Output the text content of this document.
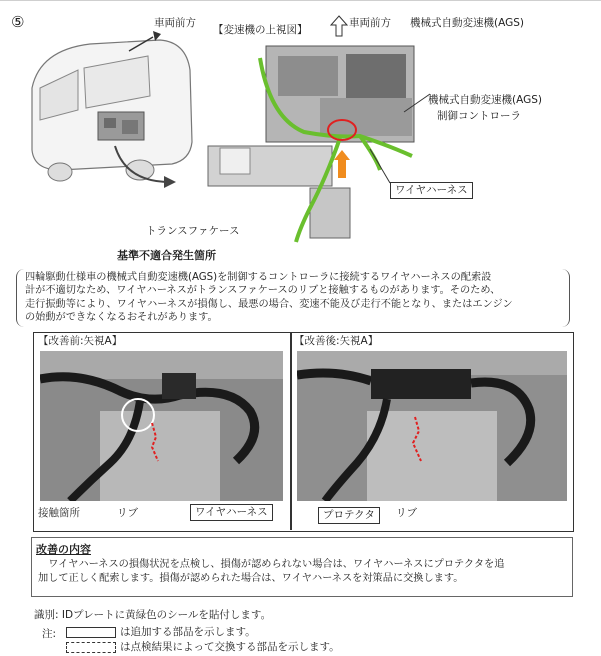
⑤	車両前方
【変速機の上視図】
車両前方 機械式自動変速機(AGS)
機械式自動変速機(AGS)
制御コントローラ
ワイヤハーネス
トランスファケース
基準不適合発生箇所

四輪駆動仕様車の機械式自動変速機(AGS)を制御するコントローラに接続するワイヤハーネスの配索設
計が不適切なため、ワイヤハーネスがトランスファケースのリブと接触するものがあります。そのため、
走行振動等により、ワイヤハーネスが損傷し、最悪の場合、変速不能及び走行不能となり、またはエンジン
の始動ができなくなるおそれがあります。

【改善前:矢視A】
接触箇所	リブ	ワイヤハーネス
【改善後:矢視A】
プロテクタ	リブ
改善の内容

ワイヤハーネスの損傷状況を点検し、損傷が認められない場合は、ワイヤハーネスにプロテクタを追

加して正しく配索します。損傷が認められた場合は、ワイヤハーネスを対策品に交換します。

識別: IDプレートに黄緑色のシールを貼付します。
注:	は追加する部品を示します。
は点検結果によって交換する部品を示します。
